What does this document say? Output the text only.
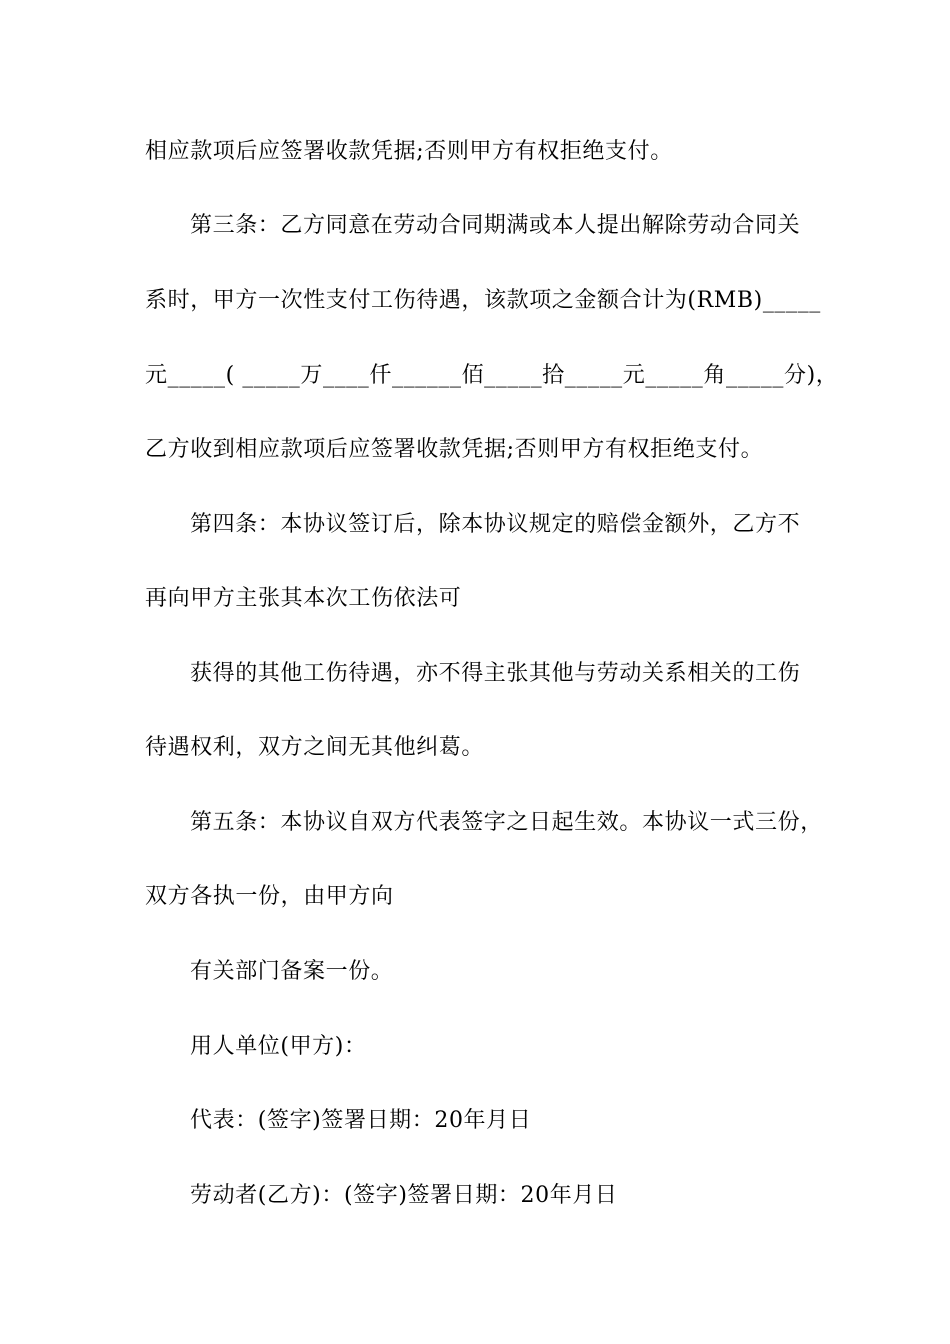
相应款项后应签署收款凭据;否则甲方有权拒绝支付。
第三条：乙方同意在劳动合同期满或本人提出解除劳动合同关
系时，甲方一次性支付工伤待遇，该款项之金额合计为(RMB)_____
元_____( _____万____仟______佰_____拾_____元_____角_____分)，
乙方收到相应款项后应签署收款凭据;否则甲方有权拒绝支付。
第四条：本协议签订后，除本协议规定的赔偿金额外，乙方不
再向甲方主张其本次工伤依法可
获得的其他工伤待遇，亦不得主张其他与劳动关系相关的工伤
待遇权利，双方之间无其他纠葛。
第五条：本协议自双方代表签字之日起生效。本协议一式三份，
双方各执一份，由甲方向
有关部门备案一份。
用人单位(甲方)：
代表：(签字)签署日期：20年月日
劳动者(乙方)：(签字)签署日期：20年月日
